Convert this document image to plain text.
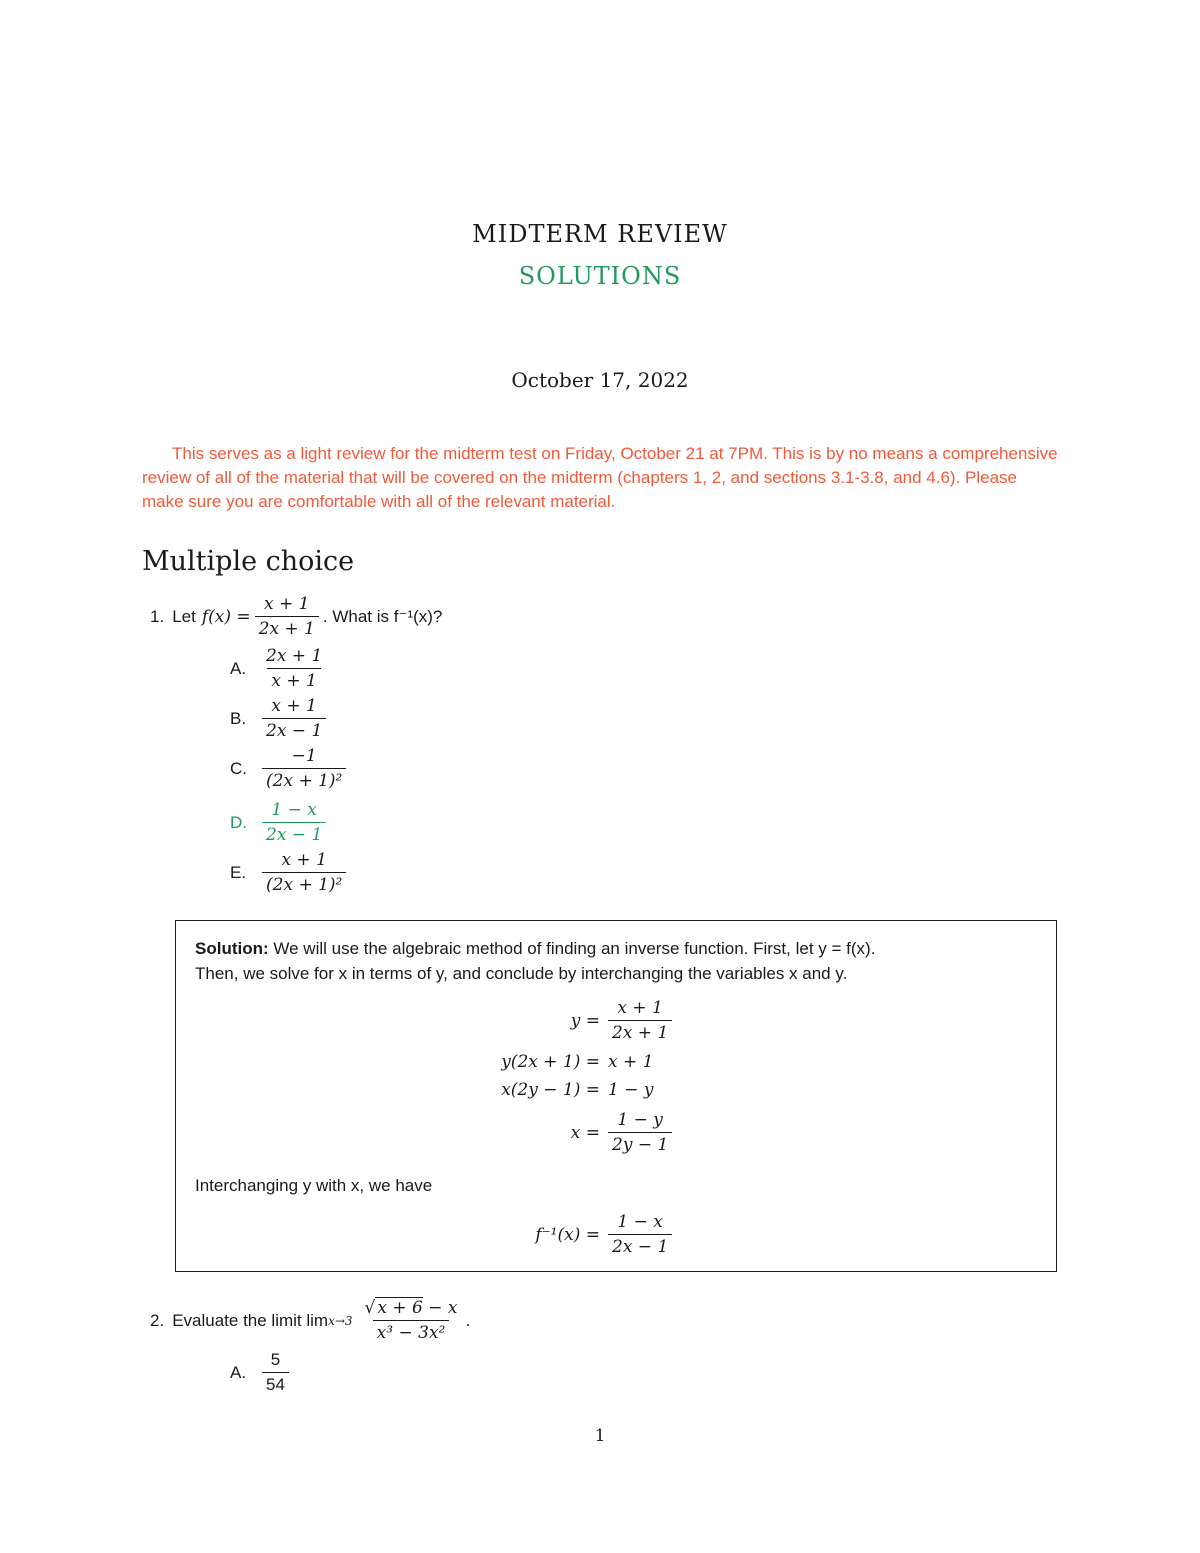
MIDTERM REVIEW
SOLUTIONS
October 17, 2022
This serves as a light review for the midterm test on Friday, October 21 at 7PM. This is by no means a comprehensive review of all of the material that will be covered on the midterm (chapters 1, 2, and sections 3.1-3.8, and 4.6). Please make sure you are comfortable with all of the relevant material.
Multiple choice
1. Let $f(x) = \frac{x + 1}{2x + 1}$ . What is f⁻¹(x)?
A. $\frac{2x + 1}{x + 1}$
B. $\frac{x + 1}{2x - 1}$
C. $\frac{-1}{\text{(2x + 1)²}}$
D. $\frac{1 - x}{2x - 1}$
E. $\frac{x + 1}{\text{(2x + 1)²}}$
Solution: We will use the algebraic method of finding an inverse function. First, let y = f(x).
Then, we solve for x in terms of y, and conclude by interchanging the variables x and y.
$y = \frac{x + 1}{2x + 1}$
y(2x + 1) = x + 1
x(2y − 1) = 1 − y
$x = \frac{1 - y}{2y - 1}$
Interchanging y with x, we have
$f^{-1}(x) = \frac{1 - x}{2x - 1}$
2. Evaluate the limit $\lim x\to 3 \frac{√ x + 6 - x}{\text{x³ − 3x²}}$ .
A. $\frac{5}{54}$
1
